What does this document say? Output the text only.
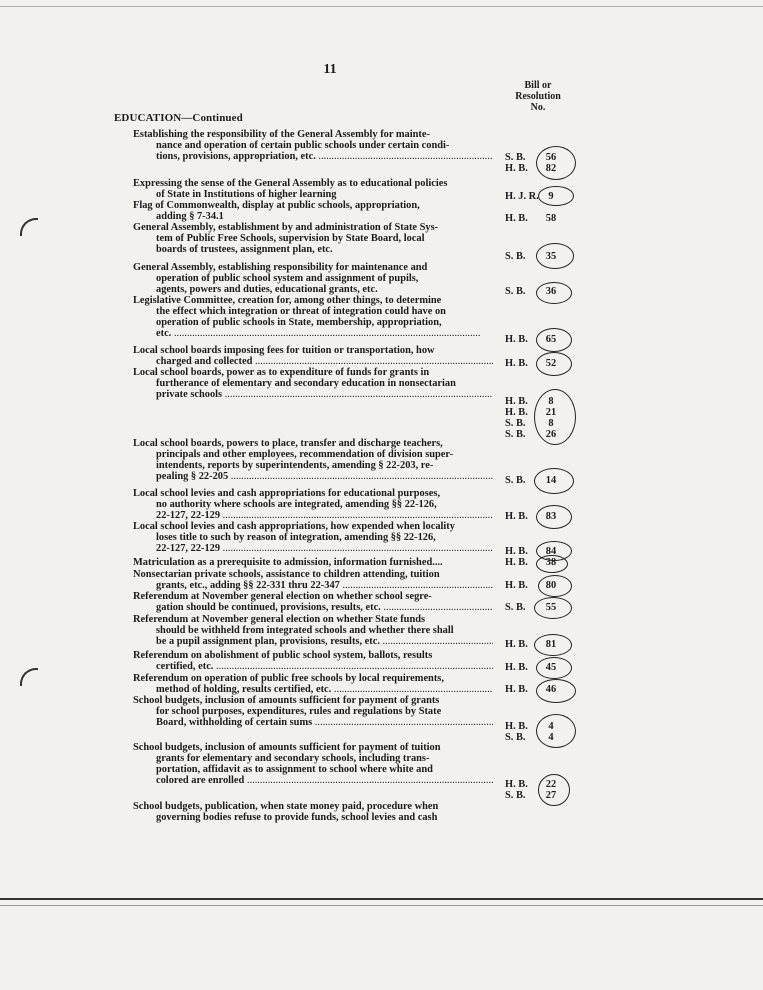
11
Bill or
Resolution
No.
EDUCATION—Continued
Establishing the responsibility of the General Assembly for mainte-
nance and operation of certain public schools under certain condi-
tions, provisions, appropriation, etc. .....
Expressing the sense of the General Assembly as to educational policies
of State in Institutions of higher learning
Flag of Commonwealth, display at public schools, appropriation,
adding § 7-34.1
General Assembly, establishment by and administration of State Sys-
tem of Public Free Schools, supervision by State Board, local
boards of trustees, assignment plan, etc.
General Assembly, establishing responsibility for maintenance and
operation of public school system and assignment of pupils,
agents, powers and duties, educational grants, etc.
Legislative Committee, creation for, among other things, to determine
the effect which integration or threat of integration could have on
operation of public schools in State, membership, appropriation,
etc. .....
Local school boards imposing fees for tuition or transportation, how
charged and collected .....
Local school boards, power as to expenditure of funds for grants in
furtherance of elementary and secondary education in nonsectarian
private schools .....
Local school boards, powers to place, transfer and discharge teachers,
principals and other employees, recommendation of division super-
intendents, reports by superintendents, amending § 22-203, re-
pealing § 22-205 .....
Local school levies and cash appropriations for educational purposes,
no authority where schools are integrated, amending §§ 22-126,
22-127, 22-129 .....
Local school levies and cash appropriations, how expended when locality
loses title to such by reason of integration, amending §§ 22-126,
22-127, 22-129 .....
Matriculation as a prerequisite to admission, information furnished....
Nonsectarian private schools, assistance to children attending, tuition
grants, etc., adding §§ 22-331 thru 22-347 .....
Referendum at November general election on whether school segre-
gation should be continued, provisions, results, etc. .....
Referendum at November general election on whether State funds
should be withheld from integrated schools and whether there shall
be a pupil assignment plan, provisions, results, etc. .....
Referendum on abolishment of public school system, ballots, results
certified, etc. .....
Referendum on operation of public free schools by local requirements,
method of holding, results certified, etc. .....
School budgets, inclusion of amounts sufficient for payment of grants
for school purposes, expenditures, rules and regulations by State
Board, withholding of certain sums .....
School budgets, inclusion of amounts sufficient for payment of tuition
grants for elementary and secondary schools, including trans-
portation, affidavit as to assignment to school where white and
colored are enrolled .....
School budgets, publication, when state money paid, procedure when
governing bodies refuse to provide funds, school levies and cash
S. B. 56
H. B. 82
H. J. R. 9
H. B. 58
S. B. 35
S. B. 36
H. B. 65
H. B. 52
H. B. 8
H. B. 21
S. B. 8
S. B. 26
S. B. 14
H. B. 83
H. B. 84
H. B. 38
H. B. 80
S. B. 55
H. B. 81
H. B. 45
H. B. 46
H. B. 4
S. B. 4
H. B. 22
S. B. 27
